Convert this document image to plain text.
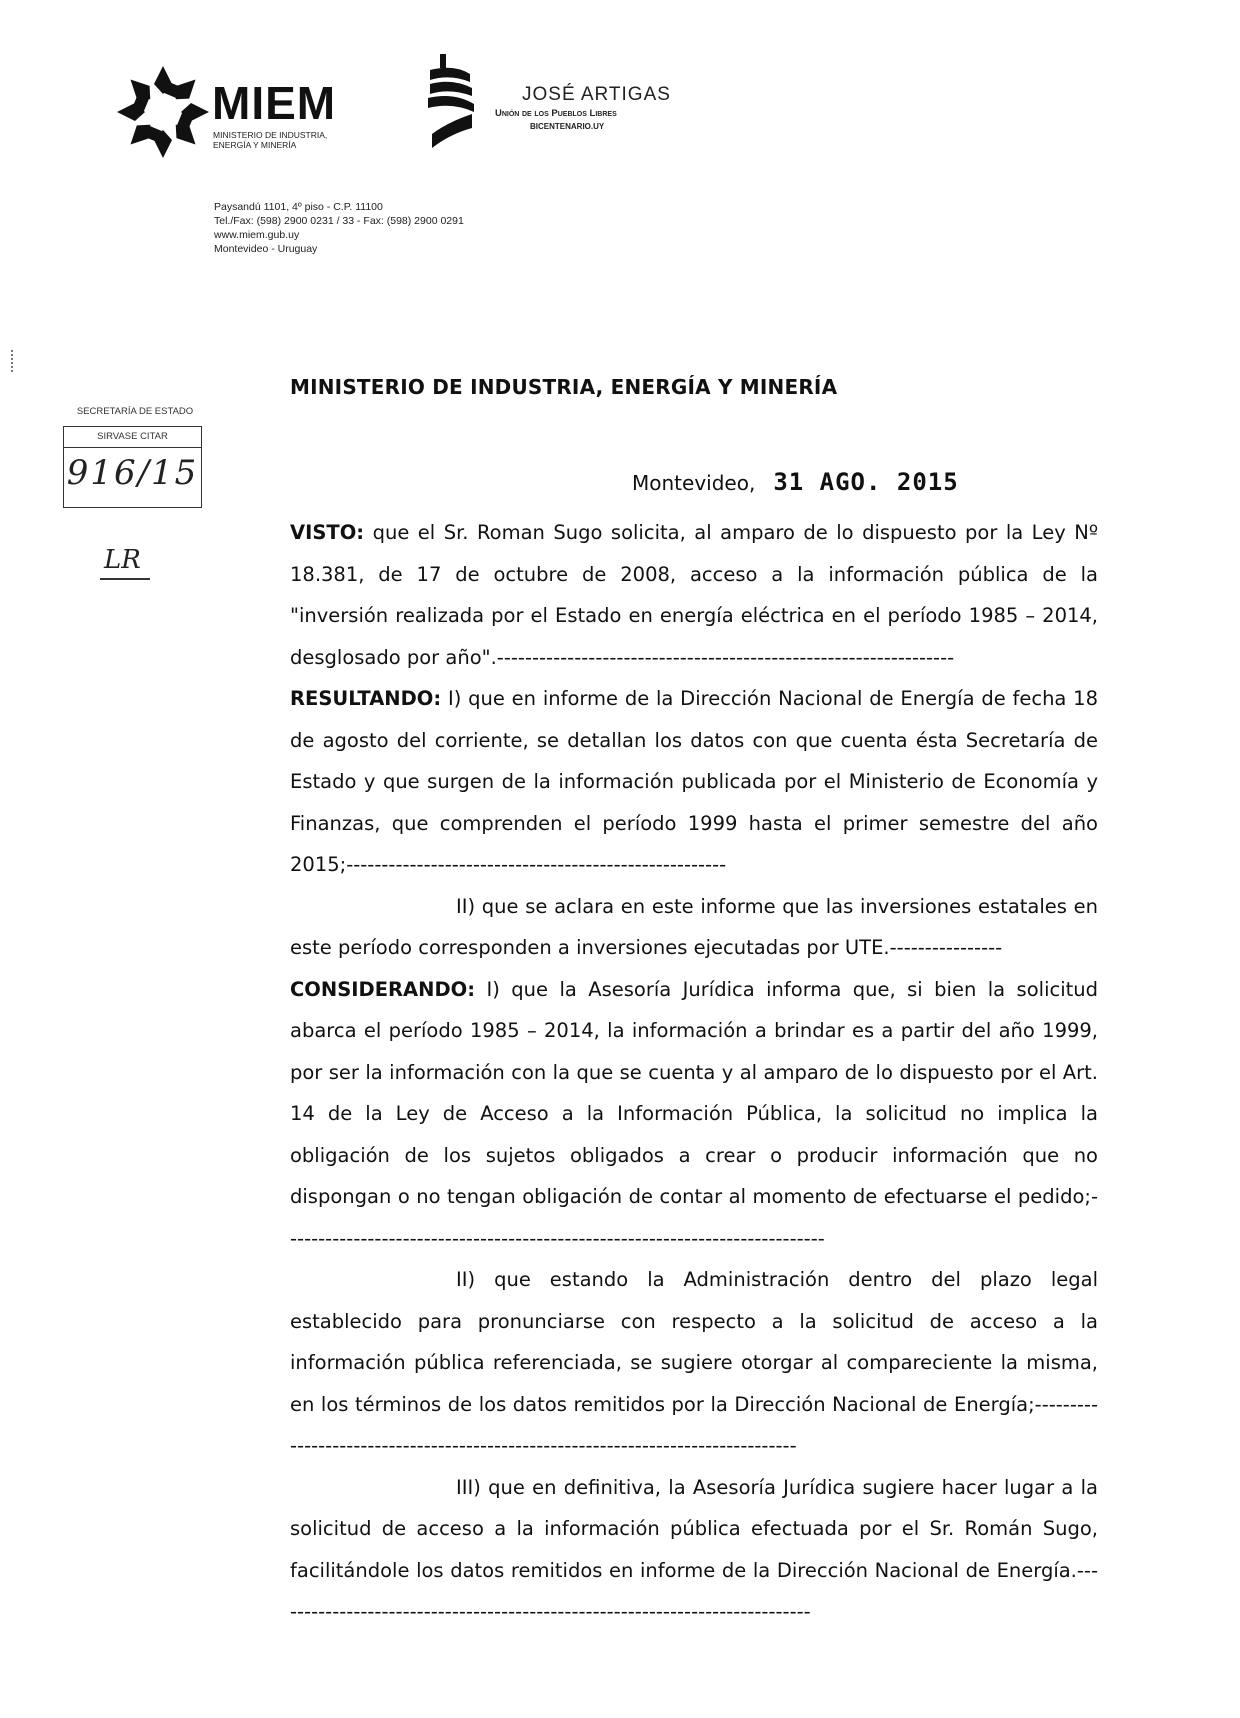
MIEM
MINISTERIO DE INDUSTRIA,
ENERGÍA Y MINERÍA
JOSÉ ARTIGAS
Unión de los Pueblos Libres
BICENTENARIO.UY
Paysandú 1101, 4º piso - C.P. 11100
Tel./Fax: (598) 2900 0231 / 33 - Fax: (598) 2900 0291
www.miem.gub.uy
Montevideo - Uruguay
MINISTERIO DE INDUSTRIA, ENERGÍA Y MINERÍA
SECRETARÍA DE ESTADO
SIRVASE CITAR
916/15
LR
Montevideo, 31 AGO. 2015
VISTO: que el Sr. Roman Sugo solicita, al amparo de lo dispuesto por la Ley Nº 18.381, de 17 de octubre de 2008, acceso a la información pública de la "inversión realizada por el Estado en energía eléctrica en el período 1985 – 2014, desglosado por año".-----------------------------------------------------------------
RESULTANDO: I) que en informe de la Dirección Nacional de Energía de fecha 18 de agosto del corriente, se detallan los datos con que cuenta ésta Secretaría de Estado y que surgen de la información publicada por el Ministerio de Economía y Finanzas, que comprenden el período 1999 hasta el primer semestre del año 2015;------------------------------------------------------
II) que se aclara en este informe que las inversiones estatales en este período corresponden a inversiones ejecutadas por UTE.----------------
CONSIDERANDO: I) que la Asesoría Jurídica informa que, si bien la solicitud abarca el período 1985 – 2014, la información a brindar es a partir del año 1999, por ser la información con la que se cuenta y al amparo de lo dispuesto por el Art. 14 de la Ley de Acceso a la Información Pública, la solicitud no implica la obligación de los sujetos obligados a crear o producir información que no dispongan o no tengan obligación de contar al momento de efectuarse el pedido;-----------------------------------------------------------------------------
II) que estando la Administración dentro del plazo legal establecido para pronunciarse con respecto a la solicitud de acceso a la información pública referenciada, se sugiere otorgar al compareciente la misma, en los términos de los datos remitidos por la Dirección Nacional de Energía;---------------------------------------------------------------------------------
III) que en definitiva, la Asesoría Jurídica sugiere hacer lugar a la solicitud de acceso a la información pública efectuada por el Sr. Román Sugo, facilitándole los datos remitidos en informe de la Dirección Nacional de Energía.-----------------------------------------------------------------------------
